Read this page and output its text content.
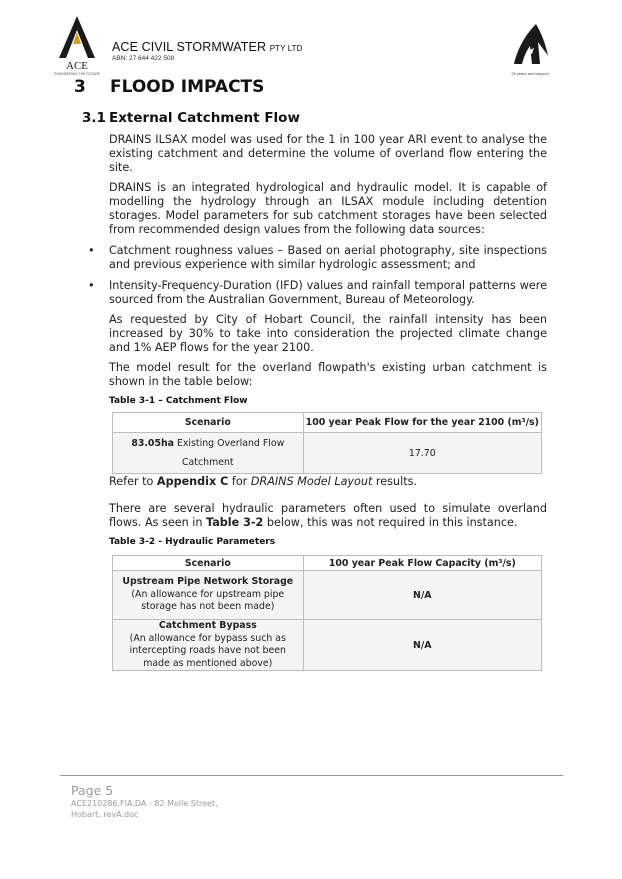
ACE
ENGINEERING THE FUTURE
ACE CIVIL STORMWATER PTY LTD
ABN: 27 644 422 508
25 years and beyond
3 FLOOD IMPACTS
3.1 External Catchment Flow
DRAINS ILSAX model was used for the 1 in 100 year ARI event to analyse the existing catchment and determine the volume of overland flow entering the site.
DRAINS is an integrated hydrological and hydraulic model. It is capable of modelling the hydrology through an ILSAX module including detention storages. Model parameters for sub catchment storages have been selected from recommended design values from the following data sources:
• Catchment roughness values – Based on aerial photography, site inspections and previous experience with similar hydrologic assessment; and
• Intensity-Frequency-Duration (IFD) values and rainfall temporal patterns were sourced from the Australian Government, Bureau of Meteorology.
As requested by City of Hobart Council, the rainfall intensity has been increased by 30% to take into consideration the projected climate change and 1% AEP flows for the year 2100.
The model result for the overland flowpath's existing urban catchment is shown in the table below:
Table 3-1 – Catchment Flow
Scenario	100 year Peak Flow for the year 2100 (m³/s)
83.05ha Existing Overland Flow
Catchment	17.70
Refer to Appendix C for DRAINS Model Layout results.
There are several hydraulic parameters often used to simulate overland flows. As seen in Table 3-2 below, this was not required in this instance.
Table 3-2 - Hydraulic Parameters
Scenario	100 year Peak Flow Capacity (m³/s)
Upstream Pipe Network Storage
(An allowance for upstream pipe storage has not been made)	N/A
Catchment Bypass
(An allowance for bypass such as intercepting roads have not been made as mentioned above)	N/A
Page 5
ACE210286,FIA.DA - 82 Molle Street,
Hobart, revA.doc
